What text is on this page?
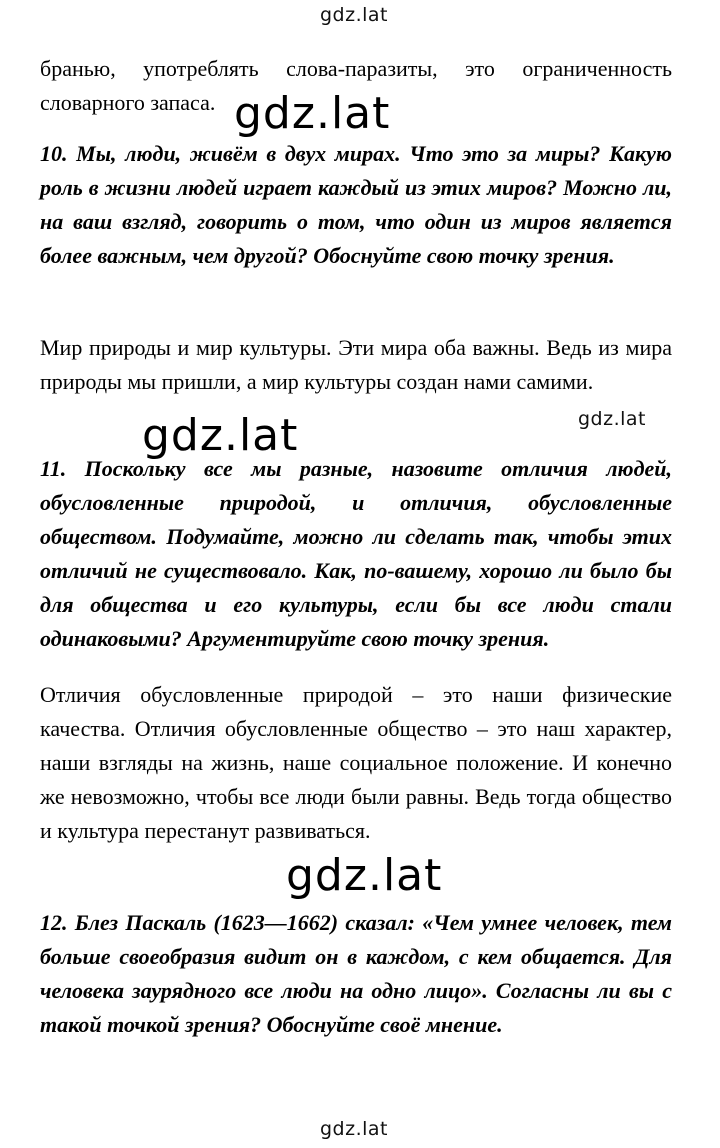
gdz.lat
бранью, употреблять слова-паразиты, это ограниченность словарного запаса. gdz.lat
10. Мы, люди, живём в двух мирах. Что это за миры? Какую роль в жизни людей играет каждый из этих миров? Можно ли, на ваш взгляд, говорить о том, что один из миров является более важным, чем другой? Обоснуйте свою точку зрения.
Мир природы и мир культуры. Эти мира оба важны. Ведь из мира природы мы пришли, а мир культуры создан нами самими.
gdz.lat	gdz.lat
11. Поскольку все мы разные, назовите отличия людей, обусловленные природой, и отличия, обусловленные обществом. Подумайте, можно ли сделать так, чтобы этих отличий не существовало. Как, по-вашему, хорошо ли было бы для общества и его культуры, если бы все люди стали одинаковыми? Аргументируйте свою точку зрения.
Отличия обусловленные природой – это наши физические качества. Отличия обусловленные общество – это наш характер, наши взгляды на жизнь, наше социальное положение. И конечно же невозможно, чтобы все люди были равны. Ведь тогда общество и культура перестанут развиваться.
gdz.lat
12. Блез Паскаль (1623—1662) сказал: «Чем умнее человек, тем больше своеобразия видит он в каждом, с кем общается. Для человека заурядного все люди на одно лицо». Согласны ли вы с такой точкой зрения? Обоснуйте своё мнение.
gdz.lat
